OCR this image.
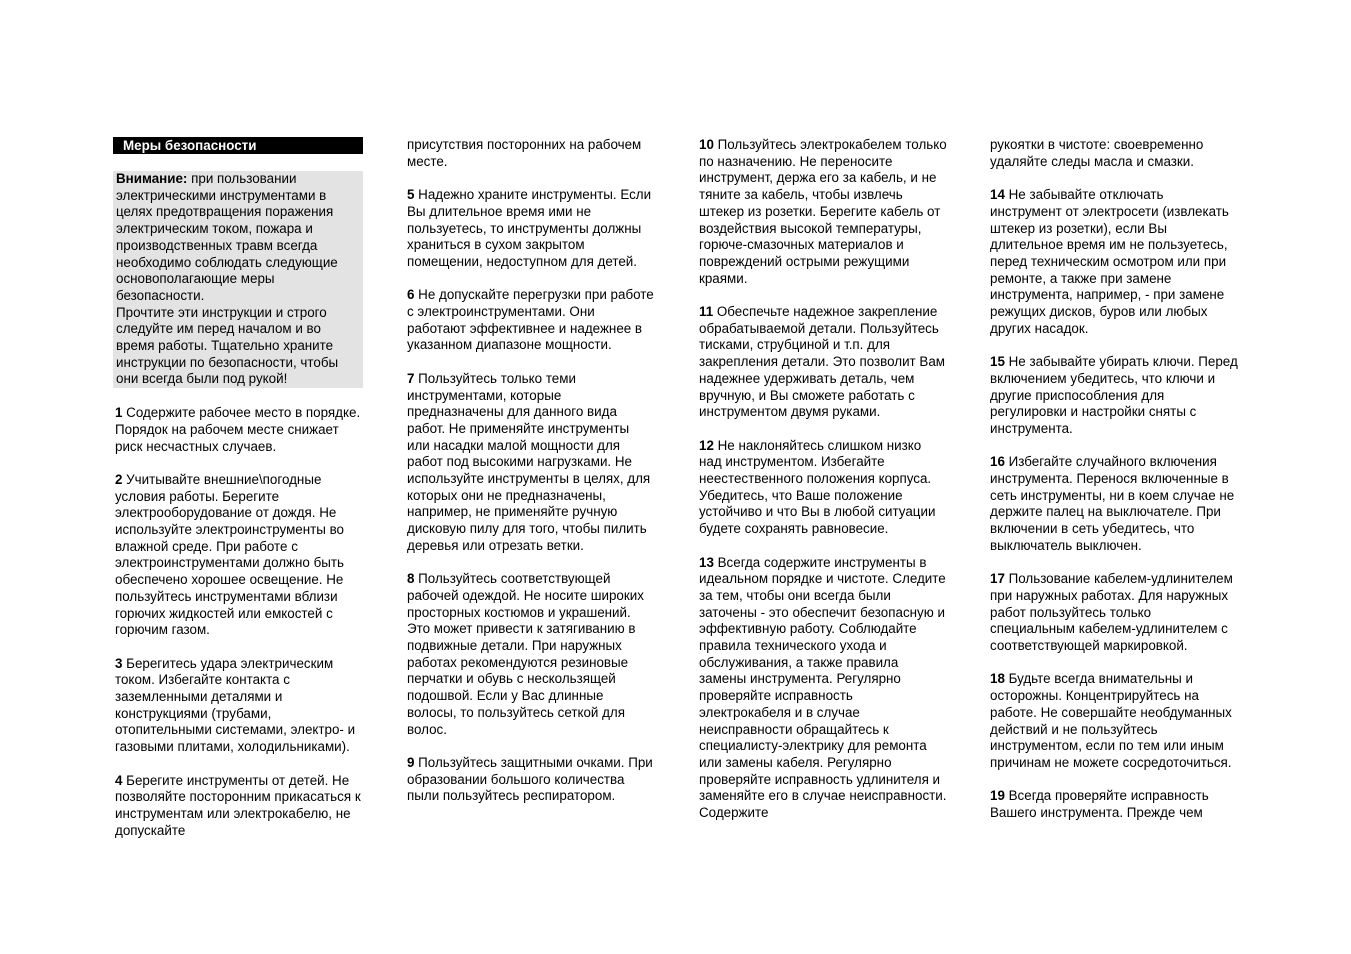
Меры безопасности

Внимание: при пользовании электрическими инструментами в целях предотвращения поражения электрическим током, пожара и производственных травм всегда необходимо соблюдать следующие основополагающие меры безопасности.

Прочтите эти инструкции и строго следуйте им перед началом и во время работы. Тщательно храните инструкции по безопасности, чтобы они всегда были под рукой!

1 Содержите рабочее место в порядке. Порядок на рабочем месте снижает риск несчастных случаев.

2 Учитывайте внешние\погодные условия работы. Берегите электрооборудование от дождя. Не используйте электроинструменты во влажной среде. При работе с электроинструментами должно быть обеспечено хорошее освещение. Не пользуйтесь инструментами вблизи горючих жидкостей или емкостей с горючим газом.

3 Берегитесь удара электрическим током. Избегайте контакта с заземленными деталями и конструкциями (трубами, отопительными системами, электро- и газовыми плитами, холодильниками).

4 Берегите инструменты от детей. Не позволяйте посторонним прикасаться к инструментам или электрокабелю, не допускайте

присутствия посторонних на рабочем месте.

5 Надежно храните инструменты. Если Вы длительное время ими не пользуетесь, то инструменты должны храниться в сухом закрытом помещении, недоступном для детей.

6 Не допускайте перегрузки при работе с электроинструментами. Они работают эффективнее и надежнее в указанном диапазоне мощности.

7 Пользуйтесь только теми инструментами, которые предназначены для данного вида работ. Не применяйте инструменты или насадки малой мощности для работ под высокими нагрузками. Не используйте инструменты в целях, для которых они не предназначены, например, не применяйте ручную дисковую пилу для того, чтобы пилить деревья или отрезать ветки.

8 Пользуйтесь соответствующей рабочей одеждой. Не носите широких просторных костюмов и украшений. Это может привести к затягиванию в подвижные детали. При наружных работах рекомендуются резиновые перчатки и обувь с нескользящей подошвой. Если у Вас длинные волосы, то пользуйтесь сеткой для волос.

9 Пользуйтесь защитными очками. При образовании большого количества пыли пользуйтесь респиратором.

10 Пользуйтесь электрокабелем только по назначению. Не переносите инструмент, держа его за кабель, и не тяните за кабель, чтобы извлечь штекер из розетки. Берегите кабель от воздействия высокой температуры, горюче-смазочных материалов и повреждений острыми режущими краями.

11 Обеспечьте надежное закрепление обрабатываемой детали. Пользуйтесь тисками, струбциной и т.п. для закрепления детали. Это позволит Вам надежнее удерживать деталь, чем вручную, и Вы сможете работать с инструментом двумя руками.

12 Не наклоняйтесь слишком низко над инструментом. Избегайте неестественного положения корпуса. Убедитесь, что Ваше положение устойчиво и что Вы в любой ситуации будете сохранять равновесие.

13 Всегда содержите инструменты в идеальном порядке и чистоте. Следите за тем, чтобы они всегда были заточены - это обеспечит безопасную и эффективную работу. Соблюдайте правила технического ухода и обслуживания, а также правила замены инструмента. Регулярно проверяйте исправность электрокабеля и в случае неисправности обращайтесь к специалисту-электрику для ремонта или замены кабеля. Регулярно проверяйте исправность удлинителя и заменяйте его в случае неисправности. Содержите

рукоятки в чистоте: своевременно удаляйте следы масла и смазки.

14 Не забывайте отключать инструмент от электросети (извлекать штекер из розетки), если Вы длительное время им не пользуетесь, перед техническим осмотром или при ремонте, а также при замене инструмента, например, - при замене режущих дисков, буров или любых других насадок.

15 Не забывайте убирать ключи. Перед включением убедитесь, что ключи и другие приспособления для регулировки и настройки сняты с инструмента.

16 Избегайте случайного включения инструмента. Перенося включенные в сеть инструменты, ни в коем случае не держите палец на выключателе. При включении в сеть убедитесь, что выключатель выключен.

17 Пользование кабелем-удлинителем при наружных работах. Для наружных работ пользуйтесь только специальным кабелем-удлинителем с соответствующей маркировкой.

18 Будьте всегда внимательны и осторожны. Концентрируйтесь на работе. Не совершайте необдуманных действий и не пользуйтесь инструментом, если по тем или иным причинам не можете сосредоточиться.

19 Всегда проверяйте исправность Вашего инструмента. Прежде чем
